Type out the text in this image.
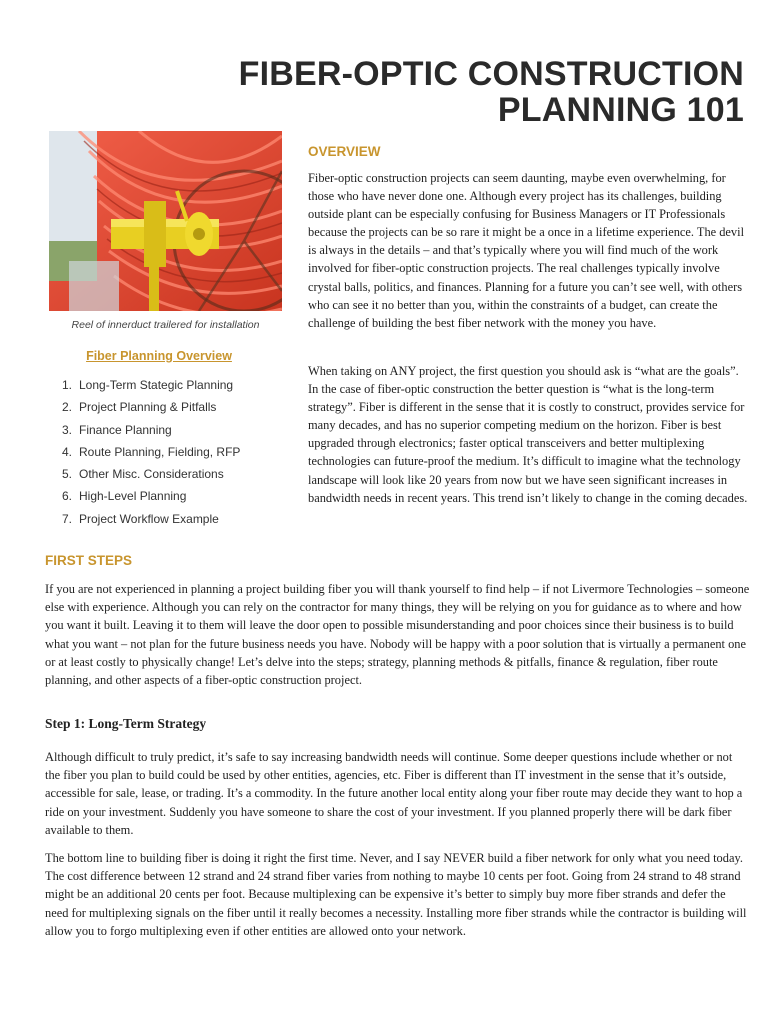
FIBER-OPTIC CONSTRUCTION
PLANNING 101
Reel of innerduct trailered for installation
Fiber Planning Overview
1. Long-Term Stategic Planning
2. Project Planning & Pitfalls
3. Finance Planning
4. Route Planning, Fielding, RFP
5. Other Misc. Considerations
6. High-Level Planning
7. Project Workflow Example
OVERVIEW

Fiber-optic construction projects can seem daunting, maybe even overwhelming, for those who have never done one. Although every project has its challenges, building outside plant can be especially confusing for Business Managers or IT Professionals because the projects can be so rare it might be a once in a lifetime experience. The devil is always in the details – and that’s typically where you will find much of the work involved for fiber-optic construction projects. The real challenges typically involve crystal balls, politics, and finances. Planning for a future you can’t see well, with others who can see it no better than you, within the constraints of a budget, can create the challenge of building the best fiber network with the money you have.

When taking on ANY project, the first question you should ask is “what are the goals”. In the case of fiber-optic construction the better question is “what is the long-term strategy”. Fiber is different in the sense that it is costly to construct, provides service for many decades, and has no superior competing medium on the horizon. Fiber is best upgraded through electronics; faster optical transceivers and better multiplexing technologies can future-proof the medium. It’s difficult to imagine what the technology landscape will look like 20 years from now but we have seen significant increases in bandwidth needs in recent years. This trend isn’t likely to change in the coming decades.

FIRST STEPS

If you are not experienced in planning a project building fiber you will thank yourself to find help – if not Livermore Technologies – someone else with experience. Although you can rely on the contractor for many things, they will be relying on you for guidance as to where and how you want it built. Leaving it to them will leave the door open to possible misunderstanding and poor choices since their business is to build what you want – not plan for the future business needs you have. Nobody will be happy with a poor solution that is virtually a permanent one or at least costly to physically change! Let’s delve into the steps; strategy, planning methods & pitfalls, finance & regulation, fiber route planning, and other aspects of a fiber-optic construction project.

Step 1: Long-Term Strategy

Although difficult to truly predict, it’s safe to say increasing bandwidth needs will continue. Some deeper questions include whether or not the fiber you plan to build could be used by other entities, agencies, etc. Fiber is different than IT investment in the sense that it’s outside, accessible for sale, lease, or trading. It’s a commodity. In the future another local entity along your fiber route may decide they want to hop a ride on your investment. Suddenly you have someone to share the cost of your investment. If you planned properly there will be dark fiber available to them.

The bottom line to building fiber is doing it right the first time. Never, and I say NEVER build a fiber network for only what you need today. The cost difference between 12 strand and 24 strand fiber varies from nothing to maybe 10 cents per foot. Going from 24 strand to 48 strand might be an additional 20 cents per foot. Because multiplexing can be expensive it’s better to simply buy more fiber strands and defer the need for multiplexing signals on the fiber until it really becomes a necessity. Installing more fiber strands while the contractor is building will allow you to forgo multiplexing even if other entities are allowed onto your network.
